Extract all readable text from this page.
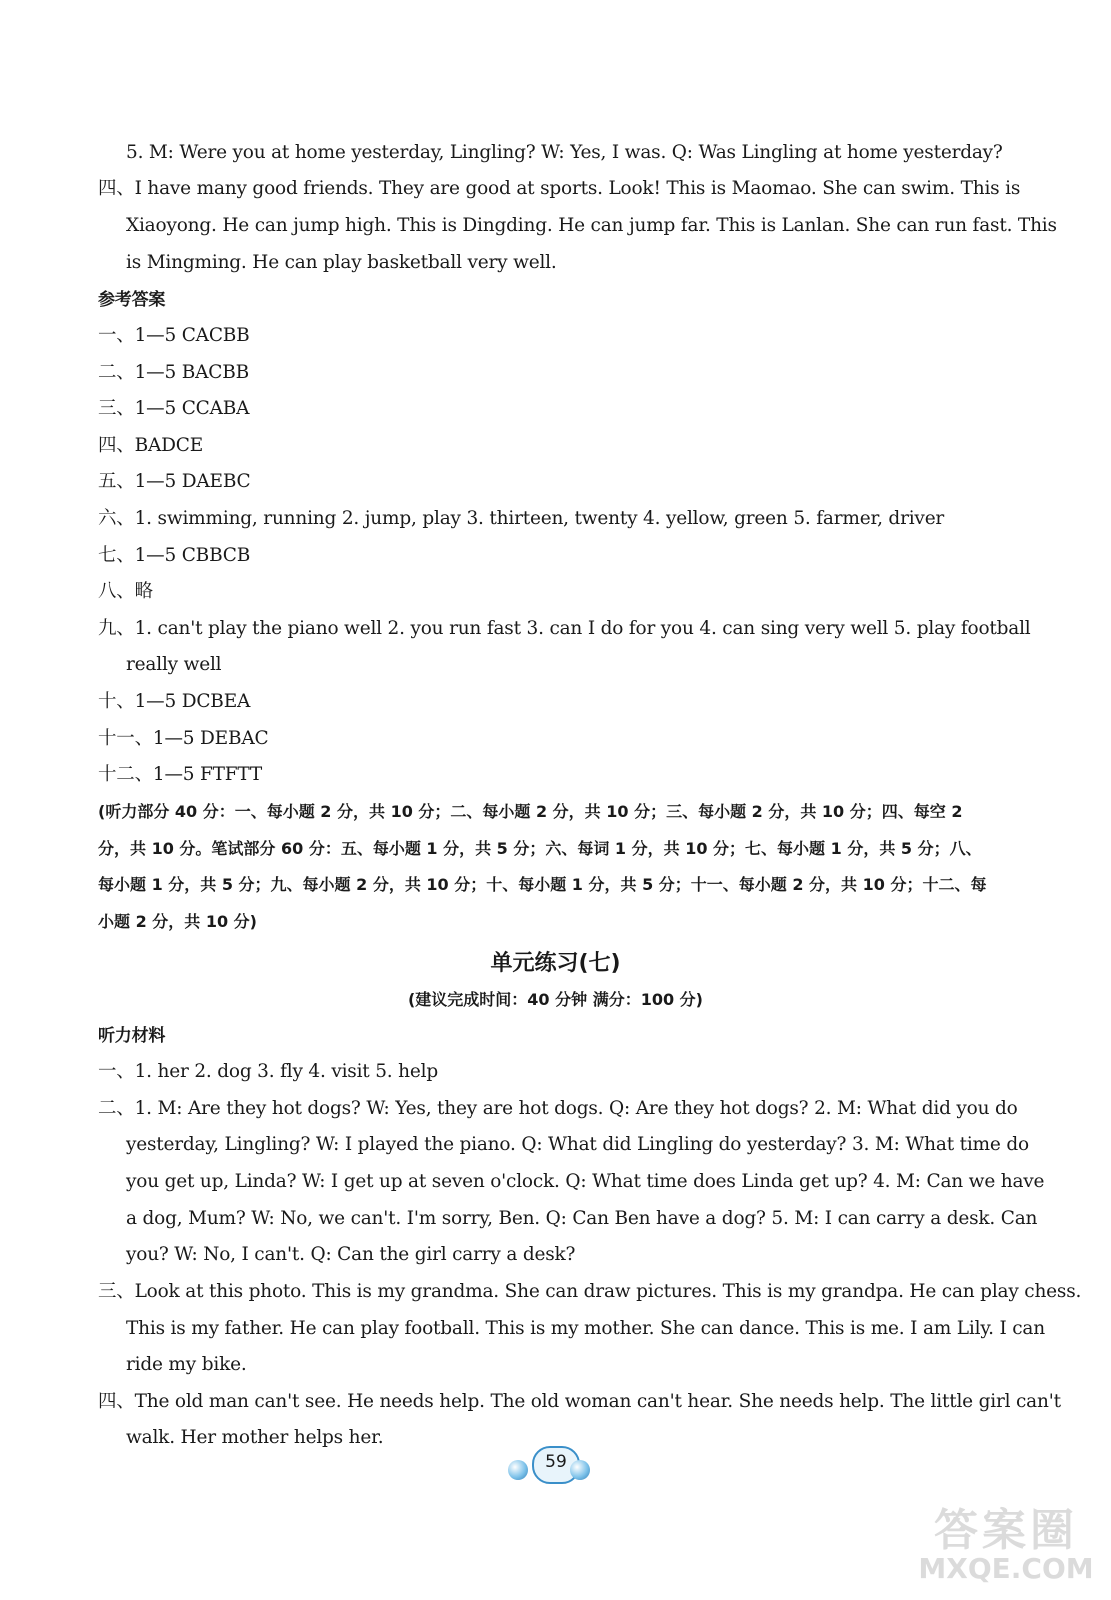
5. M: Were you at home yesterday, Lingling? W: Yes, I was. Q: Was Lingling at home yesterday?
四、I have many good friends. They are good at sports. Look! This is Maomao. She can swim. This is
Xiaoyong. He can jump high. This is Dingding. He can jump far. This is Lanlan. She can run fast. This
is Mingming. He can play basketball very well.
参考答案
一、1—5 CACBB
二、1—5 BACBB
三、1—5 CCABA
四、BADCE
五、1—5 DAEBC
六、1. swimming, running 2. jump, play 3. thirteen, twenty 4. yellow, green 5. farmer, driver
七、1—5 CBBCB
八、略
九、1. can't play the piano well 2. you run fast 3. can I do for you 4. can sing very well 5. play football
really well
十、1—5 DCBEA
十一、1—5 DEBAC
十二、1—5 FTFTT
(听力部分 40 分：一、每小题 2 分，共 10 分；二、每小题 2 分，共 10 分；三、每小题 2 分，共 10 分；四、每空 2
分，共 10 分。笔试部分 60 分：五、每小题 1 分，共 5 分；六、每词 1 分，共 10 分；七、每小题 1 分，共 5 分；八、
每小题 1 分，共 5 分；九、每小题 2 分，共 10 分；十、每小题 1 分，共 5 分；十一、每小题 2 分，共 10 分；十二、每
小题 2 分，共 10 分)
单元练习(七)
(建议完成时间：40 分钟 满分：100 分)
听力材料
一、1. her 2. dog 3. fly 4. visit 5. help
二、1. M: Are they hot dogs? W: Yes, they are hot dogs. Q: Are they hot dogs? 2. M: What did you do
yesterday, Lingling? W: I played the piano. Q: What did Lingling do yesterday? 3. M: What time do
you get up, Linda? W: I get up at seven o'clock. Q: What time does Linda get up? 4. M: Can we have
a dog, Mum? W: No, we can't. I'm sorry, Ben. Q: Can Ben have a dog? 5. M: I can carry a desk. Can
you? W: No, I can't. Q: Can the girl carry a desk?
三、Look at this photo. This is my grandma. She can draw pictures. This is my grandpa. He can play chess.
This is my father. He can play football. This is my mother. She can dance. This is me. I am Lily. I can
ride my bike.
四、The old man can't see. He needs help. The old woman can't hear. She needs help. The little girl can't
walk. Her mother helps her.
59
答案圈
MXQE.COM
